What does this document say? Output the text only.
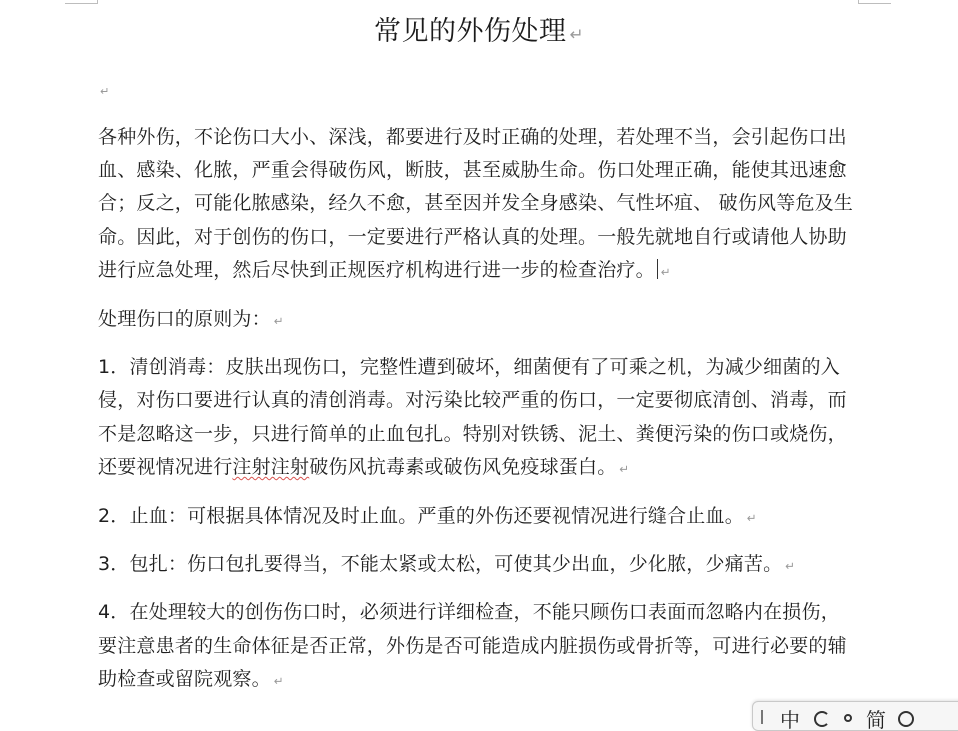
常见的外伤处理 ↵
↵

各种外伤，不论伤口大小、深浅，都要进行及时正确的处理，若处理不当，会引起伤口出血、感染、化脓，严重会得破伤风，断肢，甚至威胁生命。伤口处理正确，能使其迅速愈合；反之，可能化脓感染，经久不愈，甚至因并发全身感染、气性坏疽、 破伤风等危及生命。因此，对于创伤的伤口，一定要进行严格认真的处理。一般先就地自行或请他人协助进行应急处理，然后尽快到正规医疗机构进行进一步的检查治疗。 ↵

处理伤口的原则为： ↵

1．清创消毒：皮肤出现伤口，完整性遭到破坏，细菌便有了可乘之机，为减少细菌的入侵，对伤口要进行认真的清创消毒。对污染比较严重的伤口，一定要彻底清创、消毒，而不是忽略这一步，只进行简单的止血包扎。特别对铁锈、泥土、粪便污染的伤口或烧伤，还要视情况进行注射注射破伤风抗毒素或破伤风免疫球蛋白。 ↵

2．止血：可根据具体情况及时止血。严重的外伤还要视情况进行缝合止血。 ↵

3．包扎：伤口包扎要得当，不能太紧或太松，可使其少出血，少化脓，少痛苦。 ↵

4．在处理较大的创伤伤口时，必须进行详细检查，不能只顾伤口表面而忽略内在损伤，要注意患者的生命体征是否正常，外伤是否可能造成内脏损伤或骨折等，可进行必要的辅助检查或留院观察。 ↵

中	简
